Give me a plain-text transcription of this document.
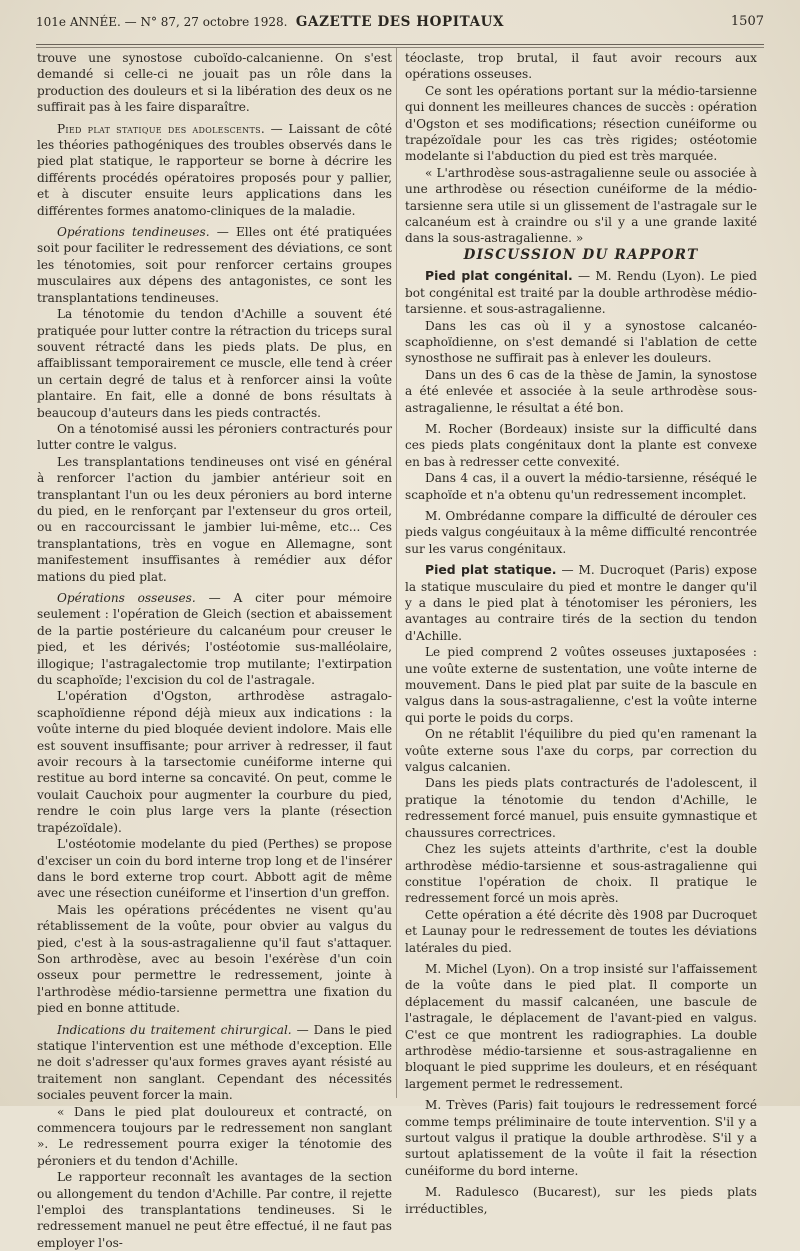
101e ANNÉE. — N° 87, 27 octobre 1928. GAZETTE DES HOPITAUX	1507

trouve une synostose cuboïdo-calcanienne. On s'est demandé si celle-ci ne jouait pas un rôle dans la production des douleurs et si la libération des deux os ne suffirait pas à les faire disparaître.

Pied plat statique des adolescents. — Laissant de côté les théories pathogéniques des troubles observés dans le pied plat statique, le rapporteur se borne à décrire les différents procédés opératoires proposés pour y pallier, et à discuter ensuite leurs applications dans les différentes formes anatomo-cliniques de la maladie.

Opérations tendineuses. — Elles ont été pratiquées soit pour faciliter le redressement des déviations, ce sont les ténotomies, soit pour renforcer certains groupes musculaires aux dépens des antagonistes, ce sont les transplantations tendineuses.

La ténotomie du tendon d'Achille a souvent été pratiquée pour lutter contre la rétraction du triceps sural souvent rétracté dans les pieds plats. De plus, en affaiblissant temporairement ce muscle, elle tend à créer un certain degré de talus et à renforcer ainsi la voûte plantaire. En fait, elle a donné de bons résultats à beaucoup d'auteurs dans les pieds contractés.

On a ténotomisé aussi les péroniers contracturés pour lutter contre le valgus.

Les transplantations tendineuses ont visé en général à renforcer l'action du jambier antérieur soit en transplantant l'un ou les deux péroniers au bord interne du pied, en le renforçant par l'extenseur du gros orteil, ou en raccourcissant le jambier lui-même, etc... Ces transplantations, très en vogue en Allemagne, sont manifestement insuffisantes à remédier aux défor mations du pied plat.

Opérations osseuses. — A citer pour mémoire seulement : l'opération de Gleich (section et abaissement de la partie postérieure du calcanéum pour creuser le pied, et les dérivés; l'ostéotomie sus-malléolaire, illogique; l'astragalectomie trop mutilante; l'extirpation du scaphoïde; l'excision du col de l'astragale.

L'opération d'Ogston, arthrodèse astragalo-scaphoïdienne répond déjà mieux aux indications : la voûte interne du pied bloquée devient indolore. Mais elle est souvent insuffisante; pour arriver à redresser, il faut avoir recours à la tarsectomie cunéiforme interne qui restitue au bord interne sa concavité. On peut, comme le voulait Cauchoix pour augmenter la courbure du pied, rendre le coin plus large vers la plante (résection trapézoïdale).

L'ostéotomie modelante du pied (Perthes) se propose d'exciser un coin du bord interne trop long et de l'insérer dans le bord externe trop court. Abbott agit de même avec une résection cunéiforme et l'insertion d'un greffon.

Mais les opérations précédentes ne visent qu'au rétablissement de la voûte, pour obvier au valgus du pied, c'est à la sous-astragalienne qu'il faut s'attaquer. Son arthrodèse, avec au besoin l'exérèse d'un coin osseux pour permettre le redressement, jointe à l'arthrodèse médio-tarsienne permettra une fixation du pied en bonne attitude.

Indications du traitement chirurgical. — Dans le pied statique l'intervention est une méthode d'exception. Elle ne doit s'adresser qu'aux formes graves ayant résisté au traitement non sanglant. Cependant des nécessités sociales peuvent forcer la main.

« Dans le pied plat douloureux et contracté, on commencera toujours par le redressement non sanglant ». Le redressement pourra exiger la ténotomie des péroniers et du tendon d'Achille.

Le rapporteur reconnaît les avantages de la section ou allongement du tendon d'Achille. Par contre, il rejette l'emploi des transplantations tendineuses. Si le redressement manuel ne peut être effectué, il ne faut pas employer l'os-

téoclaste, trop brutal, il faut avoir recours aux opérations osseuses.

Ce sont les opérations portant sur la médio-tarsienne qui donnent les meilleures chances de succès : opération d'Ogston et ses modifications; résection cunéiforme ou trapézoïdale pour les cas très rigides; ostéotomie modelante si l'abduction du pied est très marquée.

« L'arthrodèse sous-astragalienne seule ou associée à une arthrodèse ou résection cunéiforme de la médio-tarsienne sera utile si un glissement de l'astragale sur le calcanéum est à craindre ou s'il y a une grande laxité dans la sous-astragalienne. »

DISCUSSION DU RAPPORT

Pied plat congénital. — M. Rendu (Lyon). Le pied bot congénital est traité par la double arthrodèse médio-tarsienne. et sous-astragalienne.

Dans les cas où il y a synostose calcanéo-scaphoïdienne, on s'est demandé si l'ablation de cette synosthose ne suffirait pas à enlever les douleurs.

Dans un des 6 cas de la thèse de Jamin, la synostose a été enlevée et associée à la seule arthrodèse sous-astragalienne, le résultat a été bon.

M. Rocher (Bordeaux) insiste sur la difficulté dans ces pieds plats congénitaux dont la plante est convexe en bas à redresser cette convexité.

Dans 4 cas, il a ouvert la médio-tarsienne, réséqué le scaphoïde et n'a obtenu qu'un redressement incomplet.

M. Ombrédanne compare la difficulté de dérouler ces pieds valgus congéuitaux à la même difficulté rencontrée sur les varus congénitaux.

Pied plat statique. — M. Ducroquet (Paris) expose la statique musculaire du pied et montre le danger qu'il y a dans le pied plat à ténotomiser les péroniers, les avantages au contraire tirés de la section du tendon d'Achille.

Le pied comprend 2 voûtes osseuses juxtaposées : une voûte externe de sustentation, une voûte interne de mouvement. Dans le pied plat par suite de la bascule en valgus dans la sous-astragalienne, c'est la voûte interne qui porte le poids du corps.

On ne rétablit l'équilibre du pied qu'en ramenant la voûte externe sous l'axe du corps, par correction du valgus calcanien.

Dans les pieds plats contracturés de l'adolescent, il pratique la ténotomie du tendon d'Achille, le redressement forcé manuel, puis ensuite gymnastique et chaussures correctrices.

Chez les sujets atteints d'arthrite, c'est la double arthrodèse médio-tarsienne et sous-astragalienne qui constitue l'opération de choix. Il pratique le redressement forcé un mois après.

Cette opération a été décrite dès 1908 par Ducroquet et Launay pour le redressement de toutes les déviations latérales du pied.

M. Michel (Lyon). On a trop insisté sur l'affaissement de la voûte dans le pied plat. Il comporte un déplacement du massif calcanéen, une bascule de l'astragale, le déplacement de l'avant-pied en valgus. C'est ce que montrent les radiographies. La double arthrodèse médio-tarsienne et sous-astragalienne en bloquant le pied supprime les douleurs, et en réséquant largement permet le redressement.

M. Trèves (Paris) fait toujours le redressement forcé comme temps préliminaire de toute intervention. S'il y a surtout valgus il pratique la double arthrodèse. S'il y a surtout aplatissement de la voûte il fait la résection cunéiforme du bord interne.

M. Radulesco (Bucarest), sur les pieds plats irréductibles,
